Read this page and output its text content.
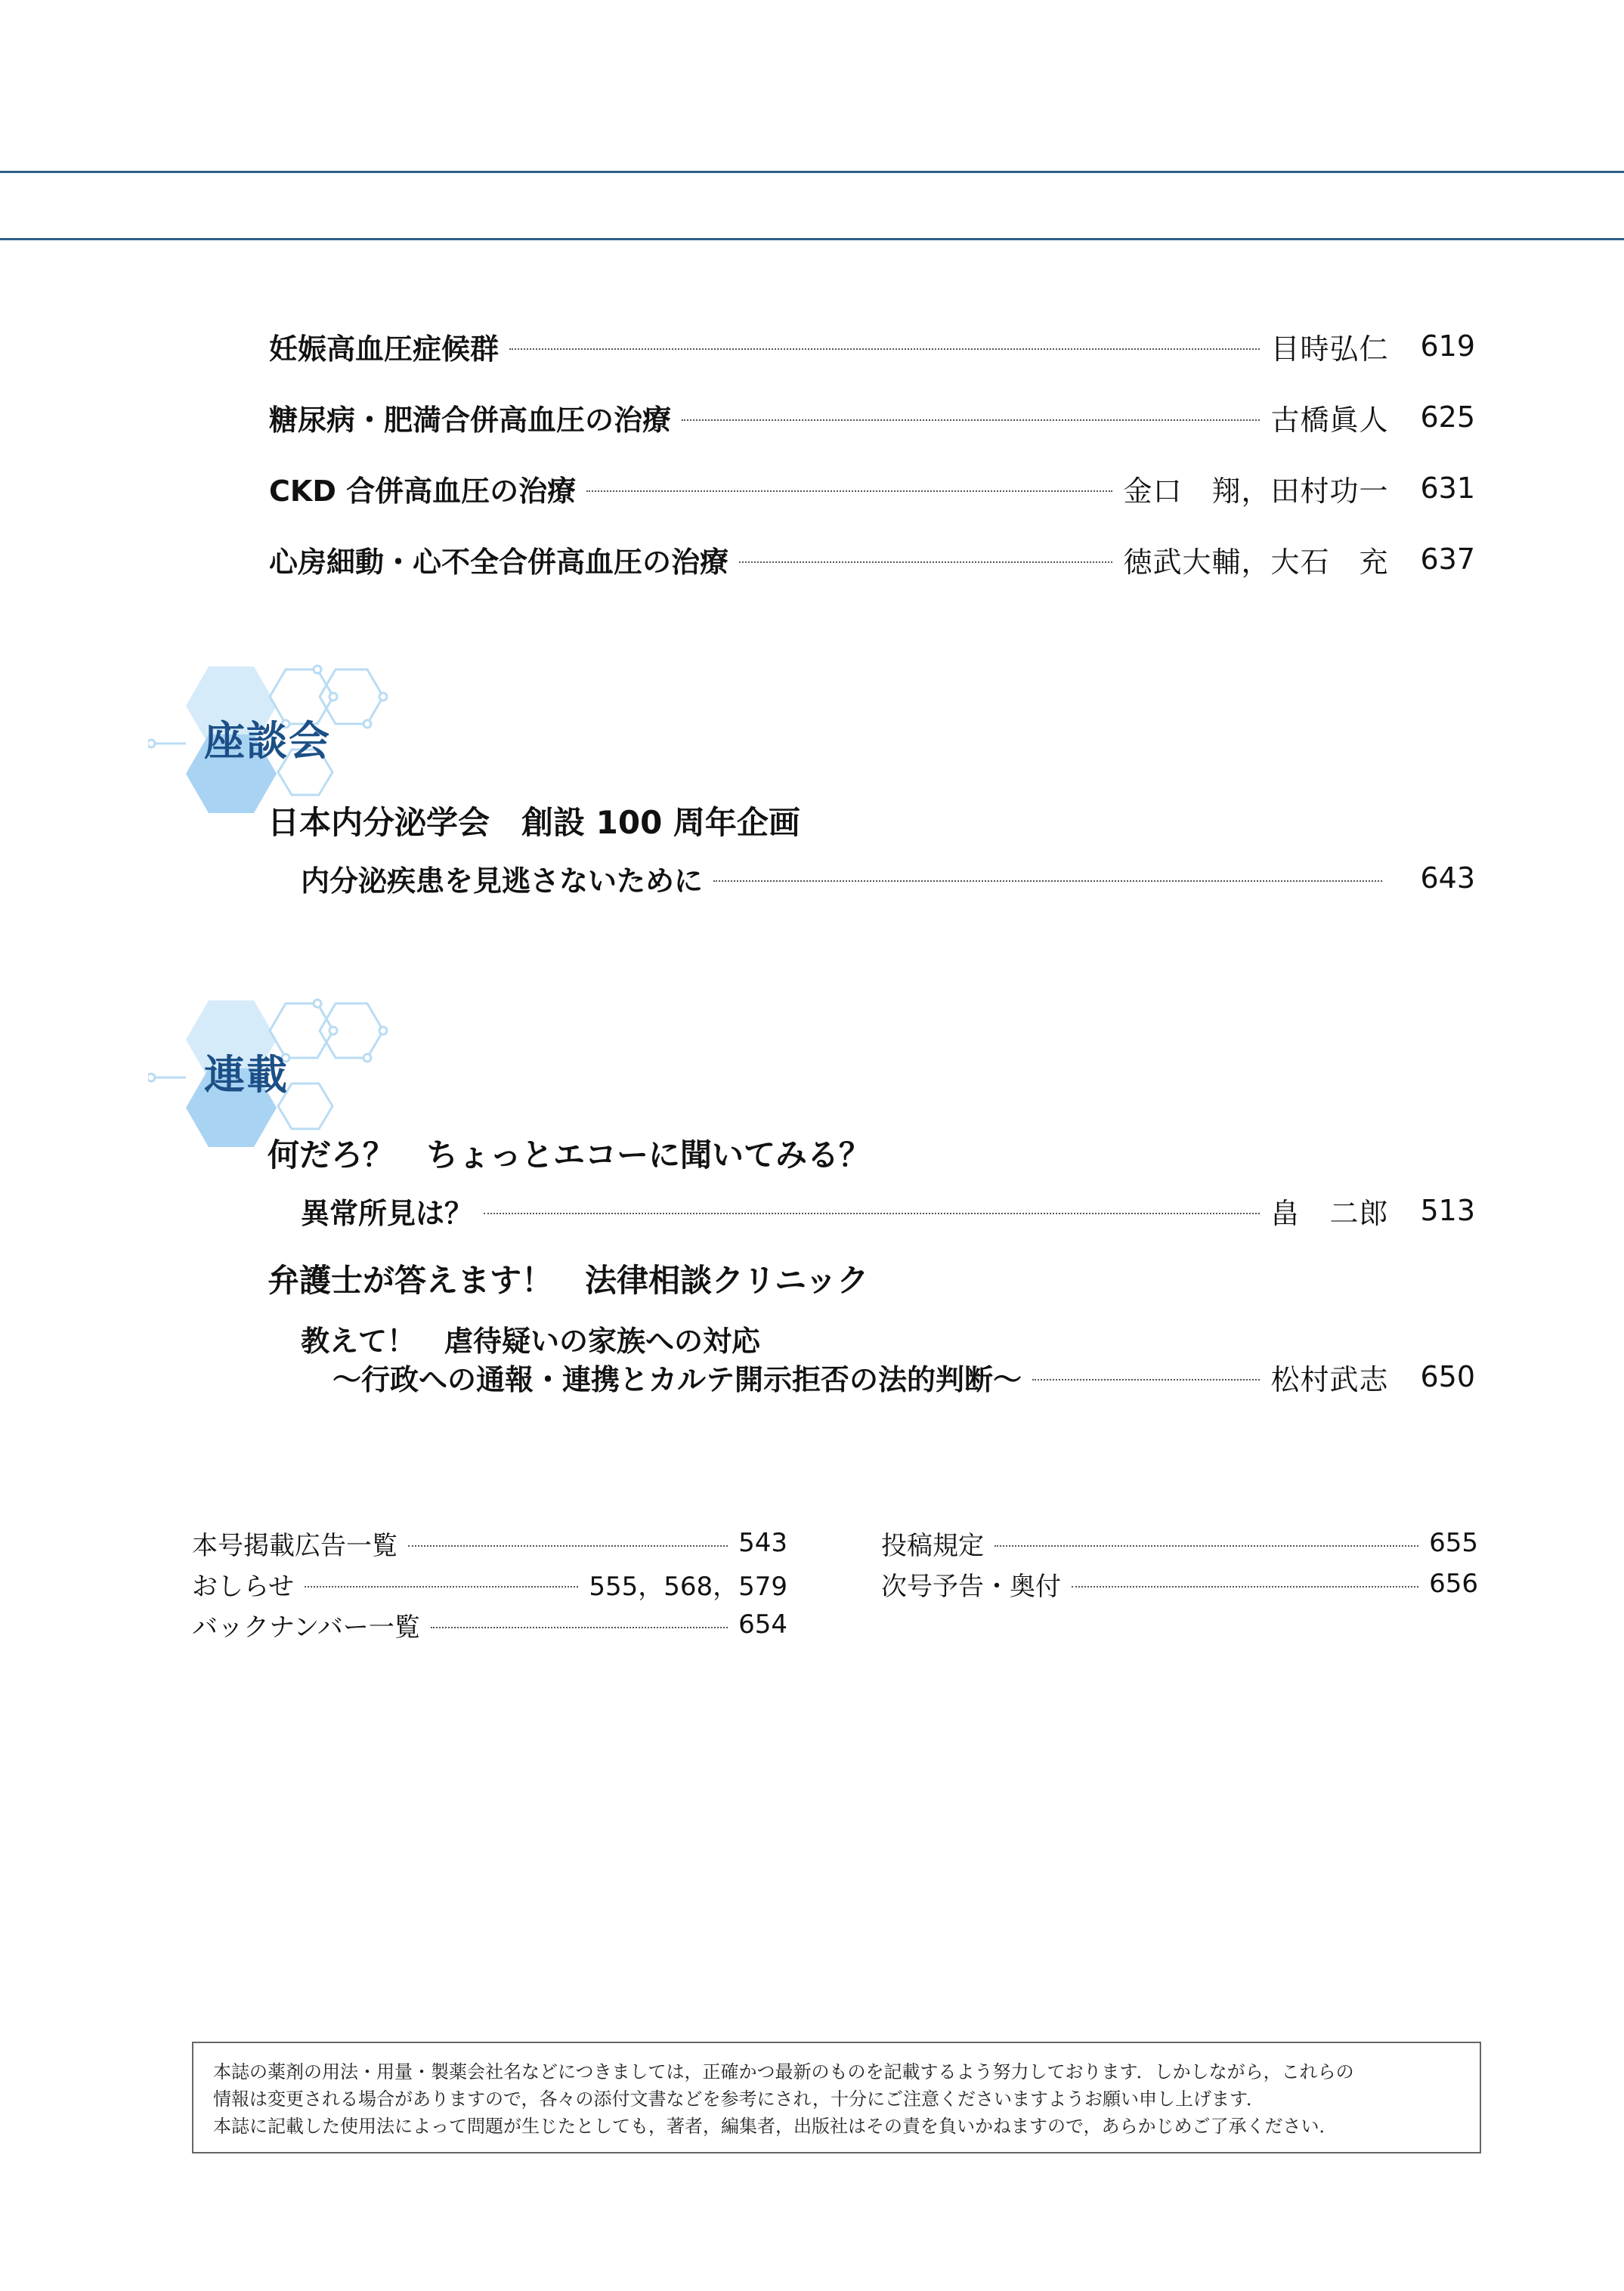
妊娠高血圧症候群	目時弘仁 619
糖尿病・肥満合併高血圧の治療	古橋眞人 625
CKD 合併高血圧の治療	金口　翔，田村功一 631
心房細動・心不全合併高血圧の治療	徳武大輔，大石　充 637
座談会
日本内分泌学会　創設 100 周年企画
内分泌疾患を見逃さないために	643
連載
何だろ？　ちょっとエコーに聞いてみる？
異常所見は？	畠　二郎 513
弁護士が答えます！　法律相談クリニック
教えて！　虐待疑いの家族への対応
～行政への通報・連携とカルテ開示拒否の法的判断～	松村武志 650
本号掲載広告一覧	543
おしらせ	555，568，579
バックナンバー一覧	654
投稿規定	655
次号予告・奥付	656

本誌の薬剤の用法・用量・製薬会社名などにつきましては，正確かつ最新のものを記載するよう努力しております．しかしながら，これらの

情報は変更される場合がありますので，各々の添付文書などを参考にされ，十分にご注意くださいますようお願い申し上げます．

本誌に記載した使用法によって問題が生じたとしても，著者，編集者，出版社はその責を負いかねますので，あらかじめご了承ください．
